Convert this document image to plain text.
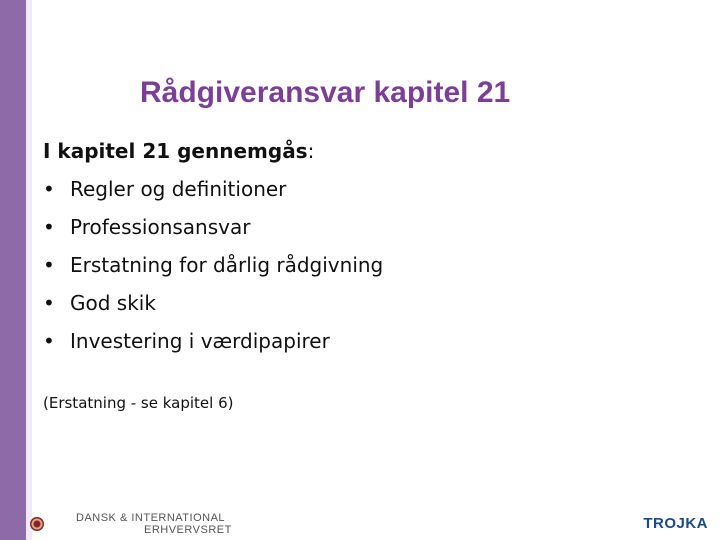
Rådgiveransvar kapitel 21
I kapitel 21 gennemgås:
• Regler og definitioner
• Professionsansvar
• Erstatning for dårlig rådgivning
• God skik
• Investering i værdipapirer
(Erstatning - se kapitel 6)
DANSK & INTERNATIONAL
ERHVERVSRET	TROJKA
